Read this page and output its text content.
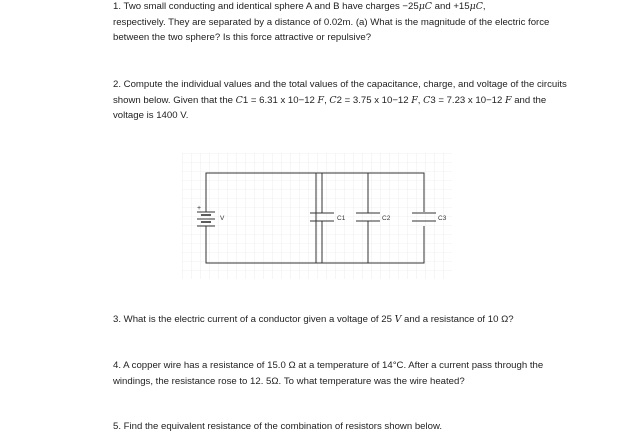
1. Two small conducting and identical sphere A and B have charges −25μC and +15μC,
respectively. They are separated by a distance of 0.02m. (a) What is the magnitude of the electric force between the two sphere? Is this force attractive or repulsive?

2. Compute the individual values and the total values of the capacitance, charge, and voltage of the circuits shown below. Given that the C1 = 6.31 x 10−12 F, C2 = 3.75 x 10−12 F, C3 = 7.23 x 10−12 F and the voltage is 1400 V.

+
V	C1	C2	C3

3. What is the electric current of a conductor given a voltage of 25 V and a resistance of 10 Ω?

4. A copper wire has a resistance of 15.0 Ω at a temperature of 14°C. After a current pass through the windings, the resistance rose to 12. 5Ω. To what temperature was the wire heated?

5. Find the equivalent resistance of the combination of resistors shown below.
